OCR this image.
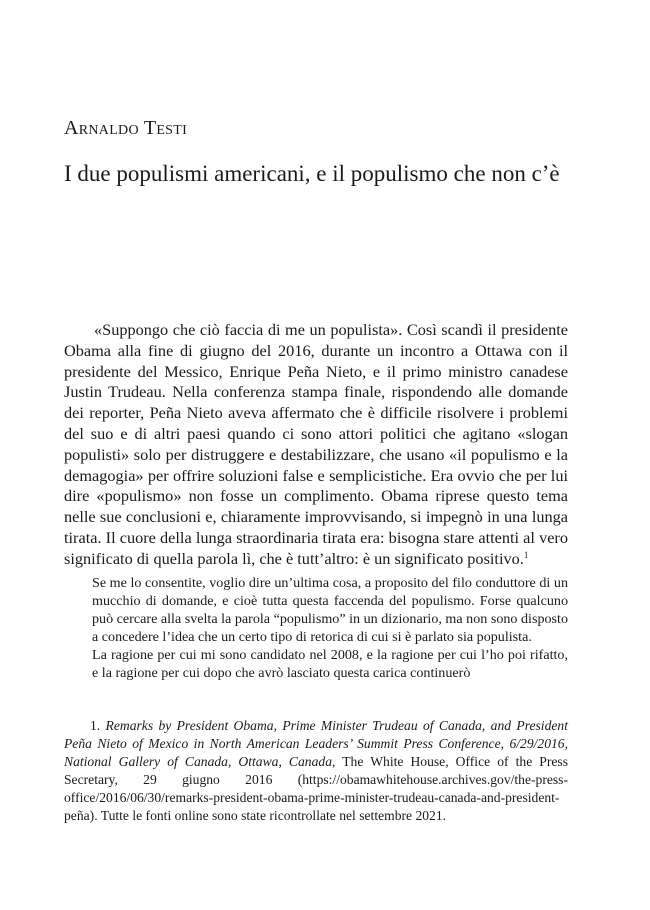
Arnaldo Testi
I due populismi americani, e il populismo che non c’è

«Suppongo che ciò faccia di me un populista». Così scandì il presidente Obama alla fine di giugno del 2016, durante un incontro a Ottawa con il presidente del Messico, Enrique Peña Nieto, e il primo ministro canadese Justin Trudeau. Nella conferenza stampa finale, rispondendo alle domande dei reporter, Peña Nieto aveva affermato che è difficile risolvere i problemi del suo e di altri paesi quando ci sono attori politici che agitano «slogan populisti» solo per distruggere e destabilizzare, che usano «il populismo e la demagogia» per offrire soluzioni false e semplicistiche. Era ovvio che per lui dire «populismo» non fosse un complimento. Obama riprese questo tema nelle sue conclusioni e, chiaramente improvvisando, si impegnò in una lunga tirata. Il cuore della lunga straordinaria tirata era: bisogna stare attenti al vero significato di quella parola lì, che è tutt’altro: è un significato positivo.$^1$

Se me lo consentite, voglio dire un’ultima cosa, a proposito del filo conduttore di un mucchio di domande, e cioè tutta questa faccenda del populismo. Forse qualcuno può cercare alla svelta la parola “populismo” in un dizionario, ma non sono disposto a concedere l’idea che un certo tipo di retorica di cui si è parlato sia populista.

La ragione per cui mi sono candidato nel 2008, e la ragione per cui l’ho poi rifatto, e la ragione per cui dopo che avrò lasciato questa carica continuerò

1. Remarks by President Obama, Prime Minister Trudeau of Canada, and President Peña Nieto of Mexico in North American Leaders’ Summit Press Conference, 6/29/2016, National Gallery of Canada, Ottawa, Canada, The White House, Office of the Press Secretary, 29 giugno 2016 (https://obamawhitehouse.archives.gov/the-press-office/2016/06/30/remarks-president-obama-prime-minister-trudeau-canada-and-president-peña). Tutte le fonti online sono state ricontrollate nel settembre 2021.
